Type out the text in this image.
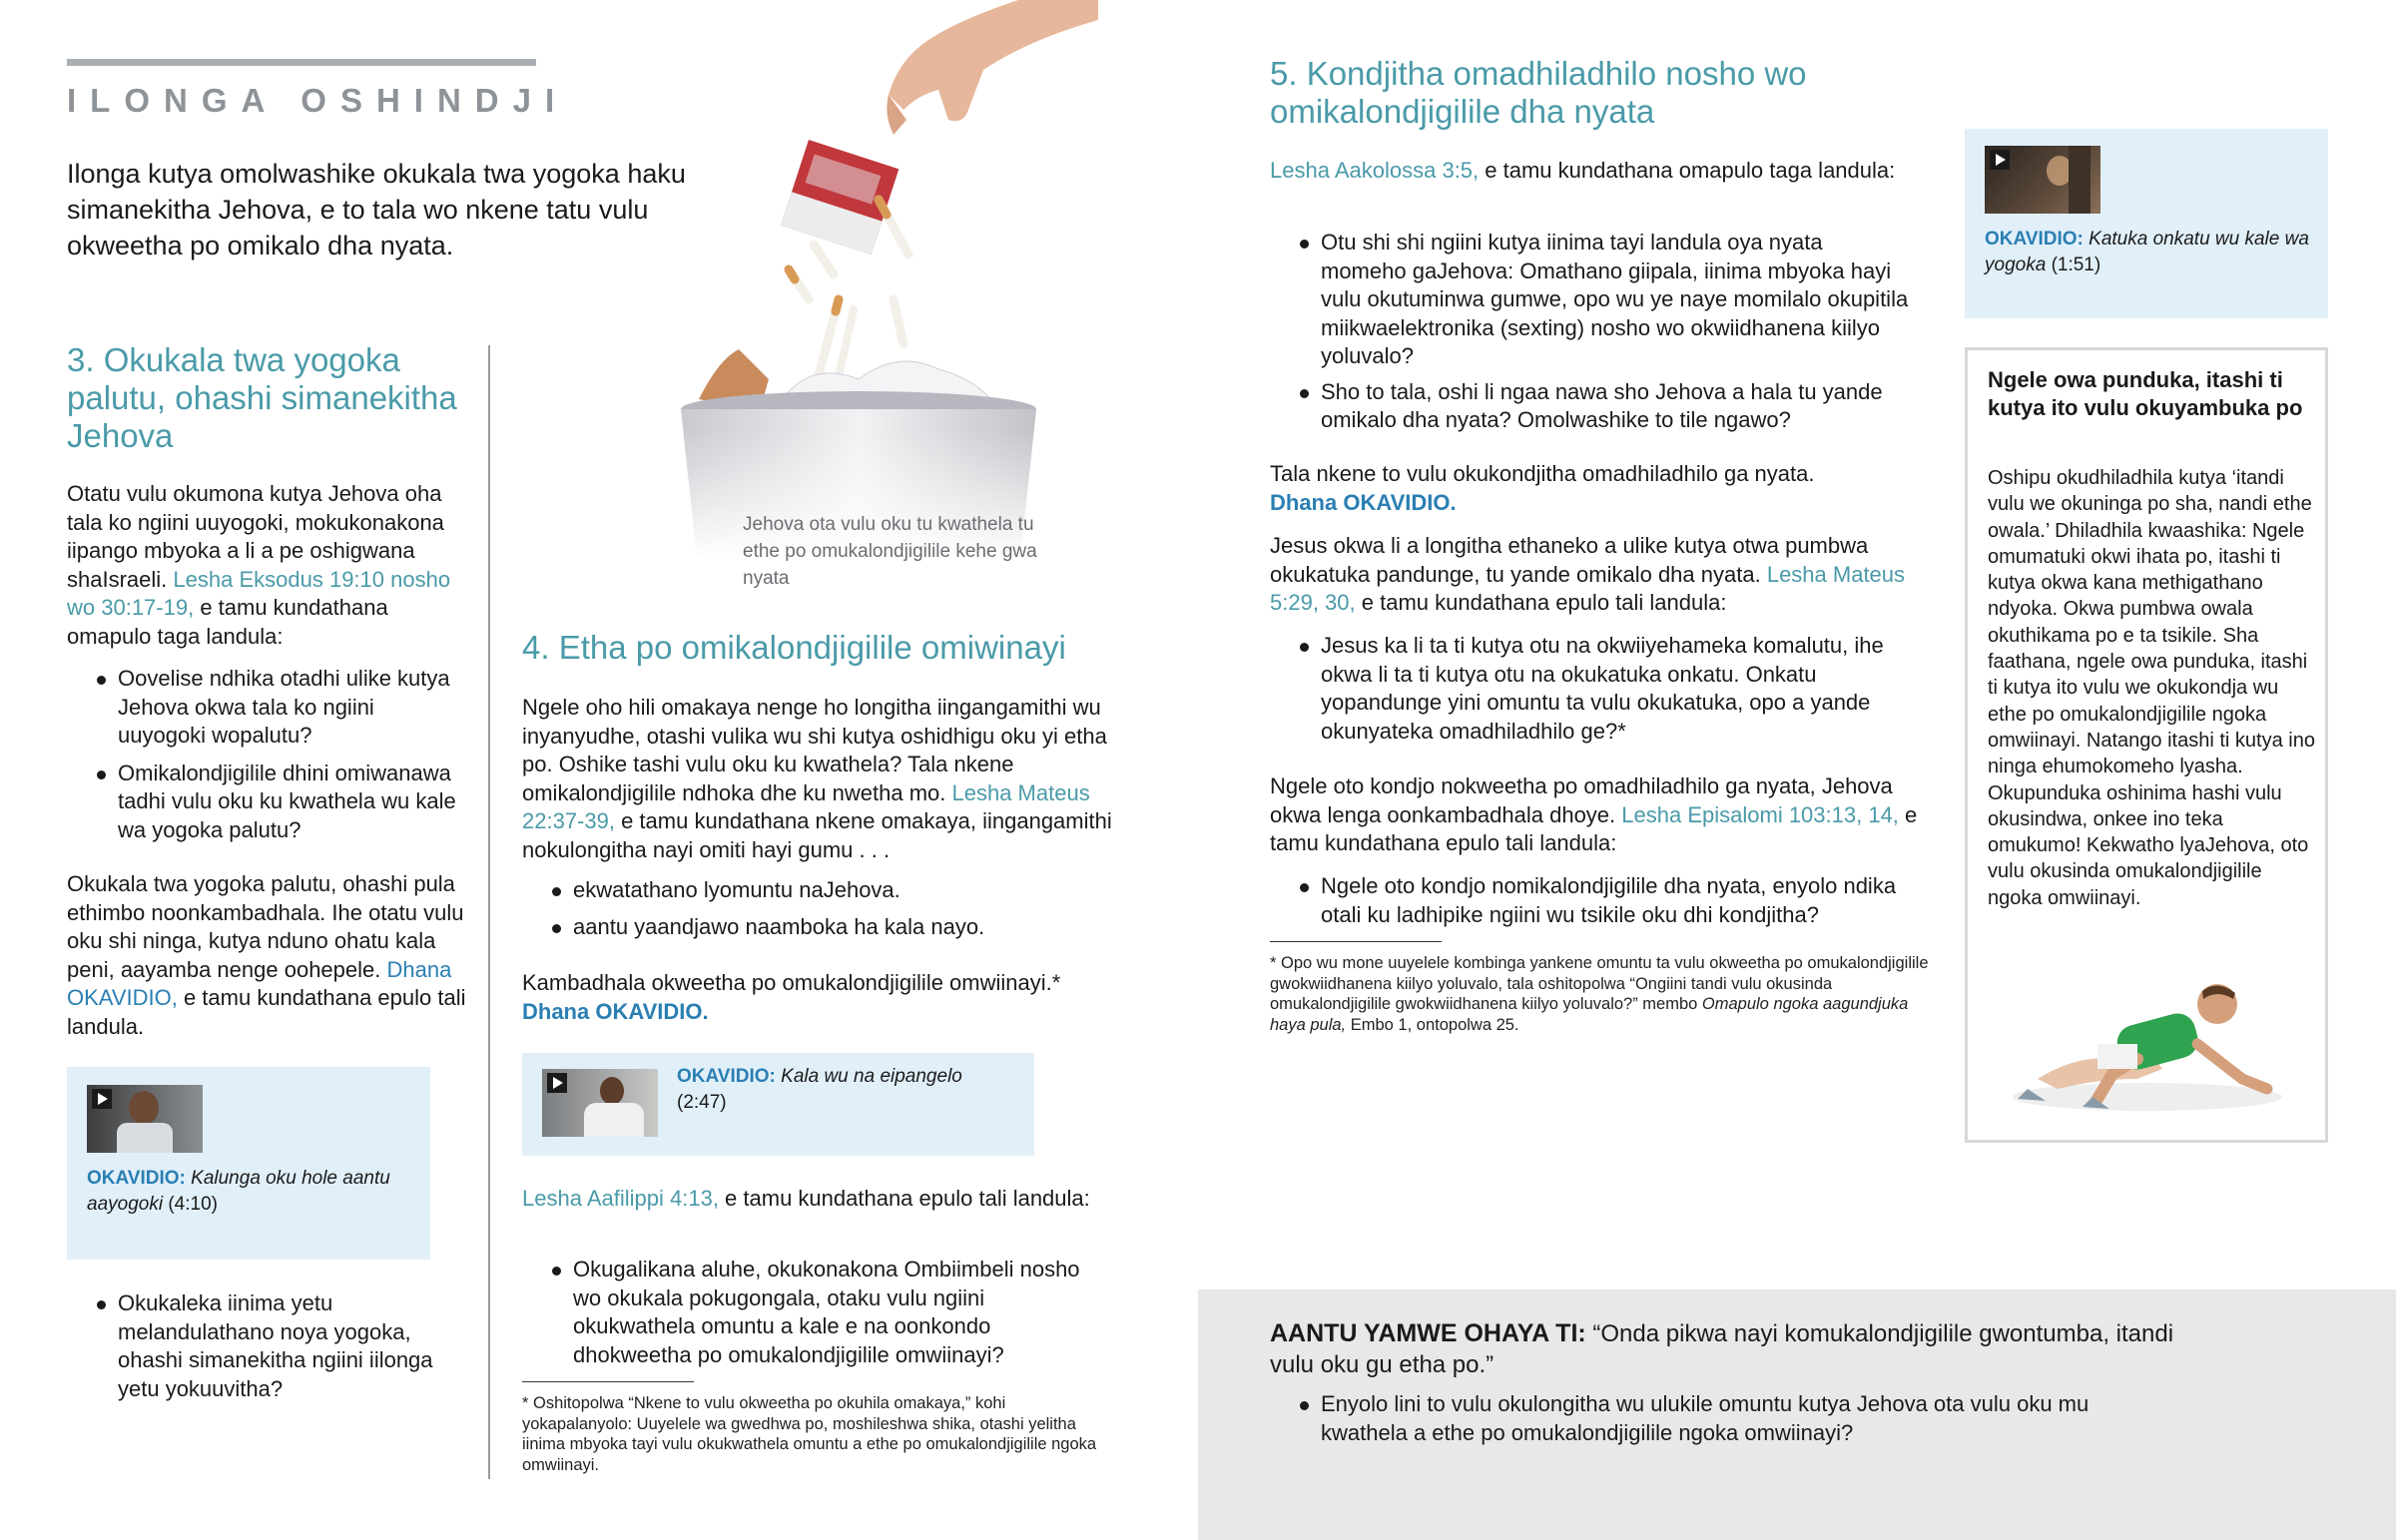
ILONGA OSHINDJI
Ilonga kutya omolwashike okukala twa yogoka haku simanekitha Jehova, e to tala wo nkene tatu vulu okweetha po omikalo dha nyata.
Jehova ota vulu oku tu kwathela tu ethe po omukalondjigilile kehe gwa nyata
3. Okukala twa yogoka palutu, ohashi simanekitha Jehova
Otatu vulu okumona kutya Jehova oha tala ko ngiini uuyogoki, mokukonakona iipango mbyoka a li a pe oshigwana shaIsraeli. Lesha Eksodus 19:10 nosho wo 30:17-19, e tamu kundathana omapulo taga landula:
Oovelise ndhika otadhi ulike kutya Jehova okwa tala ko ngiini uuyogoki wopalutu?
Omikalondjigilile dhini omiwanawa tadhi vulu oku ku kwathela wu kale wa yogoka palutu?
Okukala twa yogoka palutu, ohashi pula ethimbo noonkambadhala. Ihe otatu vulu oku shi ninga, kutya nduno ohatu kala peni, aayamba nenge oohepele. Dhana OKAVIDIO, e tamu kundathana epulo tali landula.
OKAVIDIO: Kalunga oku hole aantu aayogoki (4:10)
Okukaleka iinima yetu melandulathano noya yogoka, ohashi simanekitha ngiini iilonga yetu yokuuvitha?
4. Etha po omikalondjigilile omiwinayi
Ngele oho hili omakaya nenge ho longitha iingangamithi wu inyanyudhe, otashi vulika wu shi kutya oshidhigu oku yi etha po. Oshike tashi vulu oku ku kwathela? Tala nkene omikalondjigilile ndhoka dhe ku nwetha mo. Lesha Mateus 22:37-39, e tamu kundathana nkene omakaya, iingangamithi nokulongitha nayi omiti hayi gumu . . .
ekwatathano lyomuntu naJehova.
aantu yaandjawo naamboka ha kala nayo.
Kambadhala okweetha po omukalondjigilile omwiinayi.*
Dhana OKAVIDIO.
OKAVIDIO: Kala wu na eipangelo
(2:47)
Lesha Aafilippi 4:13, e tamu kundathana epulo tali landula:
Okugalikana aluhe, okukonakona Ombiimbeli nosho wo okukala pokugongala, otaku vulu ngiini okukwathela omuntu a kale e na oonkondo dhokweetha po omukalondjigilile omwiinayi?
* Oshitopolwa “Nkene to vulu okweetha po okuhila omakaya,” kohi yokapalanyolo: Uuyelele wa gwedhwa po, moshileshwa shika, otashi yelitha iinima mbyoka tayi vulu okukwathela omuntu a ethe po omukalondjigilile ngoka omwiinayi.
5. Kondjitha omadhiladhilo nosho wo omikalondjigilile dha nyata
Lesha Aakolossa 3:5, e tamu kundathana omapulo taga landula:
Otu shi shi ngiini kutya iinima tayi landula oya nyata momeho gaJehova: Omathano giipala, iinima mbyoka hayi vulu okutuminwa gumwe, opo wu ye naye momilalo okupitila miikwaelektronika (sexting) nosho wo okwiidhanena kiilyo yoluvalo?
Sho to tala, oshi li ngaa nawa sho Jehova a hala tu yande omikalo dha nyata? Omolwashike to tile ngawo?
Tala nkene to vulu okukondjitha omadhiladhilo ga nyata.
Dhana OKAVIDIO.
Jesus okwa li a longitha ethaneko a ulike kutya otwa pumbwa okukatuka pandunge, tu yande omikalo dha nyata. Lesha Mateus 5:29, 30, e tamu kundathana epulo tali landula:
Jesus ka li ta ti kutya otu na okwiiyehameka komalutu, ihe okwa li ta ti kutya otu na okukatuka onkatu. Onkatu yopandunge yini omuntu ta vulu okukatuka, opo a yande okunyateka omadhiladhilo ge?*
Ngele oto kondjo nokweetha po omadhiladhilo ga nyata, Jehova okwa lenga oonkambadhala dhoye. Lesha Episalomi 103:13, 14, e tamu kundathana epulo tali landula:
Ngele oto kondjo nomikalondjigilile dha nyata, enyolo ndika otali ku ladhipike ngiini wu tsikile oku dhi kondjitha?
* Opo wu mone uuyelele kombinga yankene omuntu ta vulu okweetha po omukalondjigilile gwokwiidhanena kiilyo yoluvalo, tala oshitopolwa “Ongiini tandi vulu okusinda omukalondjigilile gwokwiidhanena kiilyo yoluvalo?” membo Omapulo ngoka aagundjuka haya pula, Embo 1, ontopolwa 25.
OKAVIDIO: Katuka onkatu wu kale wa yogoka (1:51)
Ngele owa punduka, itashi ti kutya ito vulu okuyambuka po
Oshipu okudhiladhila kutya ‘itandi vulu we okuninga po sha, nandi ethe owala.’ Dhiladhila kwaashika: Ngele omumatuki okwi ihata po, itashi ti kutya okwa kana methigathano ndyoka. Okwa pumbwa owala okuthikama po e ta tsikile. Sha faathana, ngele owa punduka, itashi ti kutya ito vulu we okukondja wu ethe po omukalondjigilile ngoka omwiinayi. Natango itashi ti kutya ino ninga ehumokomeho lyasha. Okupunduka oshinima hashi vulu okusindwa, onkee ino teka omukumo! Kekwatho lyaJehova, oto vulu okusinda omukalondjigilile ngoka omwiinayi.
AANTU YAMWE OHAYA TI: “Onda pikwa nayi komukalondjigilile gwontumba, itandi vulu oku gu etha po.”
Enyolo lini to vulu okulongitha wu ulukile omuntu kutya Jehova ota vulu oku mu kwathela a ethe po omukalondjigilile ngoka omwiinayi?
